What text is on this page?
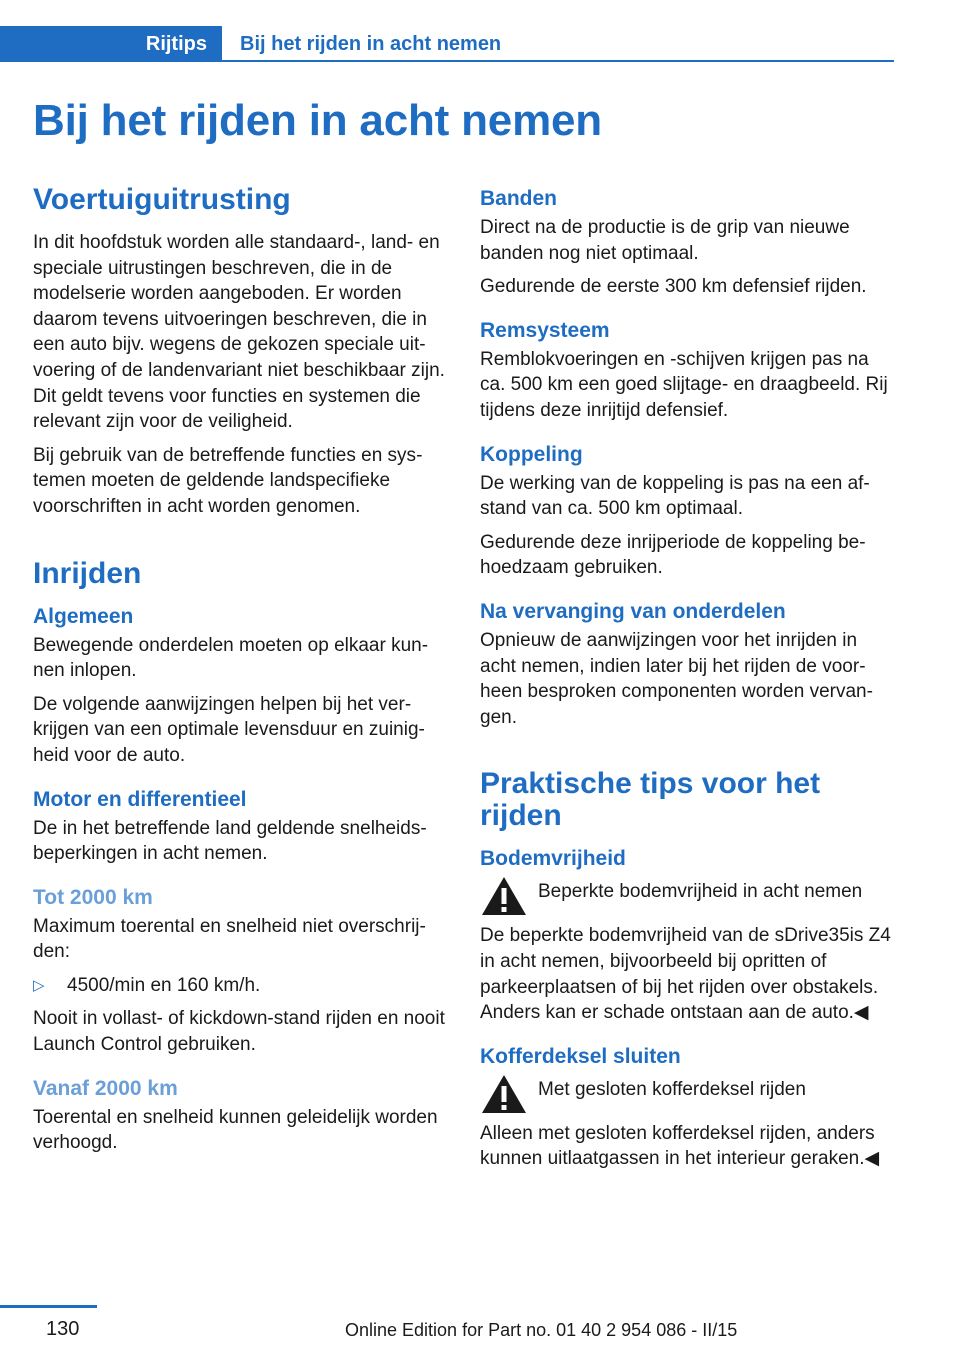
Rijtips Bij het rijden in acht nemen
Bij het rijden in acht nemen
Voertuiguitrusting

In dit hoofdstuk worden alle standaard-, land- en speciale uitrustingen beschreven, die in de modelserie worden aangeboden. Er worden daarom tevens uitvoeringen beschreven, die in een auto bijv. wegens de gekozen speciale uitvoering of de landenvariant niet beschikbaar zijn. Dit geldt tevens voor functies en systemen die relevant zijn voor de veiligheid.

Bij gebruik van de betreffende functies en systemen moeten de geldende landspecifieke voorschriften in acht worden genomen.

Inrijden
Algemeen

Bewegende onderdelen moeten op elkaar kunnen inlopen.

De volgende aanwijzingen helpen bij het verkrijgen van een optimale levensduur en zuinigheid voor de auto.

Motor en differentieel

De in het betreffende land geldende snelheidsbeperkingen in acht nemen.

Tot 2000 km

Maximum toerental en snelheid niet overschrijden:

▷	4500/min en 160 km/h.

Nooit in vollast- of kickdown-stand rijden en nooit Launch Control gebruiken.

Vanaf 2000 km

Toerental en snelheid kunnen geleidelijk worden verhoogd.

Banden

Direct na de productie is de grip van nieuwe banden nog niet optimaal.

Gedurende de eerste 300 km defensief rijden.

Remsysteem

Remblokvoeringen en -schijven krijgen pas na ca. 500 km een goed slijtage- en draagbeeld. Rij tijdens deze inrijtijd defensief.

Koppeling

De werking van de koppeling is pas na een afstand van ca. 500 km optimaal.

Gedurende deze inrijperiode de koppeling behoedzaam gebruiken.

Na vervanging van onderdelen

Opnieuw de aanwijzingen voor het inrijden in acht nemen, indien later bij het rijden de voorheen besproken componenten worden vervangen.

Praktische tips voor het rijden
Bodemvrijheid
Beperkte bodemvrijheid in acht nemen

De beperkte bodemvrijheid van de sDrive35is Z4 in acht nemen, bijvoorbeeld bij opritten of parkeerplaatsen of bij het rijden over obstakels. Anders kan er schade ontstaan aan de auto.◀

Kofferdeksel sluiten
Met gesloten kofferdeksel rijden

Alleen met gesloten kofferdeksel rijden, anders kunnen uitlaatgassen in het interieur geraken.◀

130	Online Edition for Part no. 01 40 2 954 086 - II/15
